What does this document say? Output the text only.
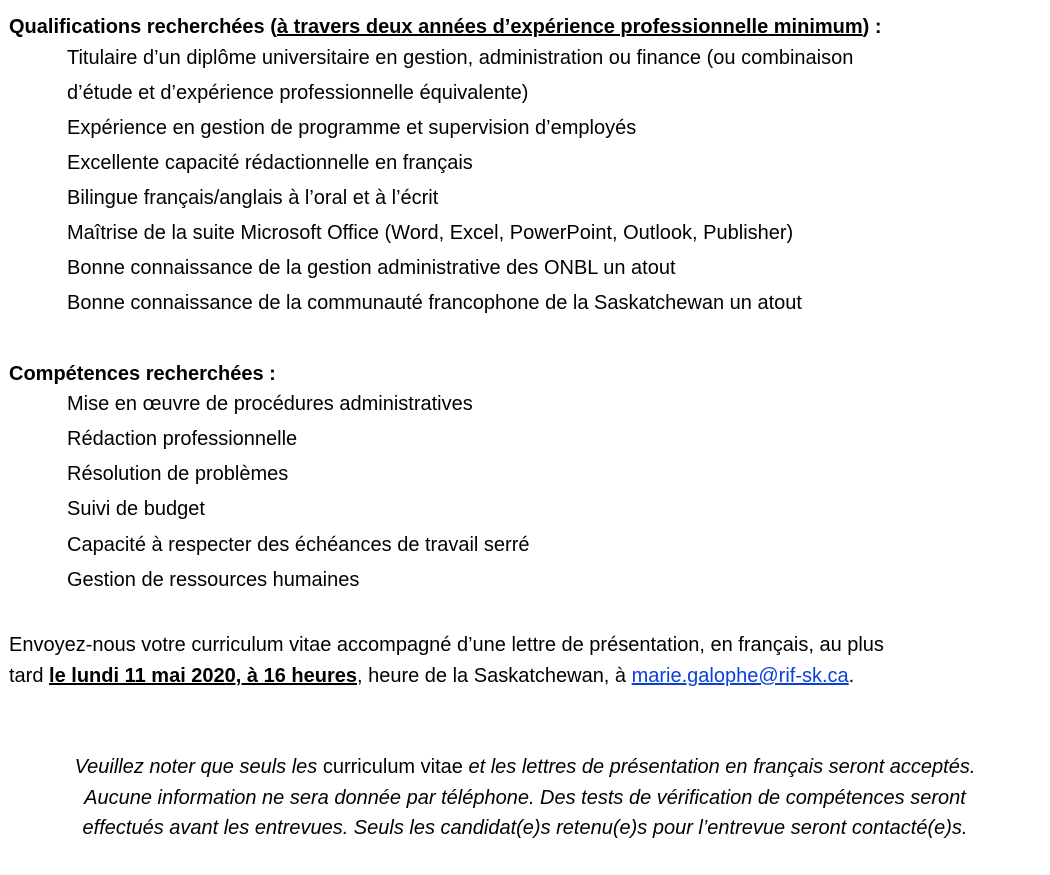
Qualifications recherchées (à travers deux années d’expérience professionnelle minimum) :
Titulaire d’un diplôme universitaire en gestion, administration ou finance (ou combinaison
d’étude et d’expérience professionnelle équivalente)
Expérience en gestion de programme et supervision d’employés
Excellente capacité rédactionnelle en français
Bilingue français/anglais à l’oral et à l’écrit
Maîtrise de la suite Microsoft Office (Word, Excel, PowerPoint, Outlook, Publisher)
Bonne connaissance de la gestion administrative des ONBL un atout
Bonne connaissance de la communauté francophone de la Saskatchewan un atout
Compétences recherchées :
Mise en œuvre de procédures administratives
Rédaction professionnelle
Résolution de problèmes
Suivi de budget
Capacité à respecter des échéances de travail serré
Gestion de ressources humaines
Envoyez-nous votre curriculum vitae accompagné d’une lettre de présentation, en français, au plus
tard le lundi 11 mai 2020, à 16 heures, heure de la Saskatchewan, à marie.galophe@rif-sk.ca.
Veuillez noter que seuls les curriculum vitae et les lettres de présentation en français seront acceptés.
Aucune information ne sera donnée par téléphone. Des tests de vérification de compétences seront
effectués avant les entrevues. Seuls les candidat(e)s retenu(e)s pour l’entrevue seront contacté(e)s.
